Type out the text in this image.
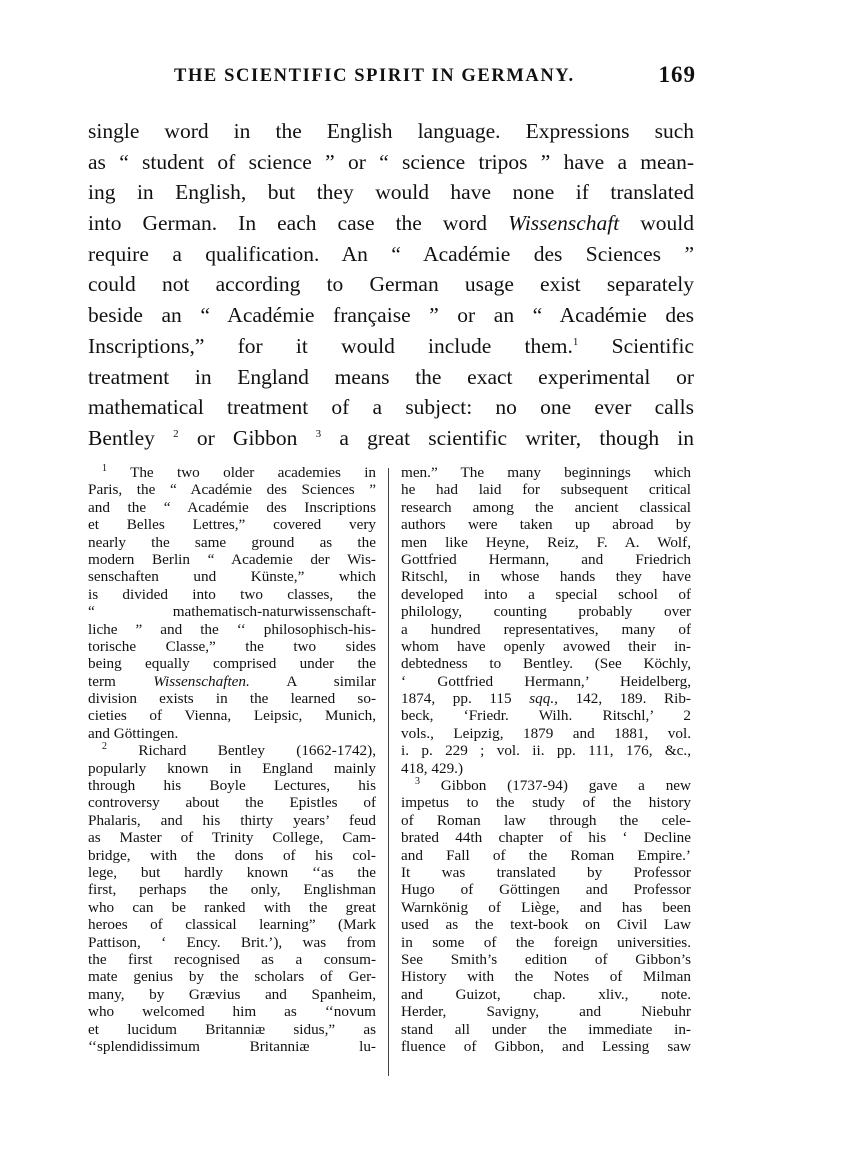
THE SCIENTIFIC SPIRIT IN GERMANY.	169
single word in the English language. Expressions such
as “ student of science ” or “ science tripos ” have a mean-
ing in English, but they would have none if translated
into German. In each case the word Wissenschaft would
require a qualification. An “ Académie des Sciences ”
could not according to German usage exist separately
beside an “ Académie française ” or an “ Académie des
Inscriptions,” for it would include them.$^1$ Scientific
treatment in England means the exact experimental or
mathematical treatment of a subject: no one ever calls
Bentley $^2$ or Gibbon $^3$ a great scientific writer, though in
$^1$ The two older academies in
Paris, the “ Académie des Sciences ”
and the “ Académie des Inscriptions
et Belles Lettres,” covered very
nearly the same ground as the
modern Berlin “ Academie der Wis-
senschaften und Künste,” which
is divided into two classes, the
“ mathematisch-naturwissenschaft-
liche ” and the ‘‘ philosophisch-his-
torische Classe,” the two sides
being equally comprised under the
term Wissenschaften. A similar
division exists in the learned so-
cieties of Vienna, Leipsic, Munich,
and Göttingen.
$^2$ Richard Bentley (1662-1742),
popularly known in England mainly
through his Boyle Lectures, his
controversy about the Epistles of
Phalaris, and his thirty years’ feud
as Master of Trinity College, Cam-
bridge, with the dons of his col-
lege, but hardly known ‘‘as the
first, perhaps the only, Englishman
who can be ranked with the great
heroes of classical learning” (Mark
Pattison, ‘ Ency. Brit.’), was from
the first recognised as a consum-
mate genius by the scholars of Ger-
many, by Grævius and Spanheim,
who welcomed him as ‘‘novum
et lucidum Britanniæ sidus,” as
‘‘splendidissimum Britanniæ lu-
men.” The many beginnings which
he had laid for subsequent critical
research among the ancient classical
authors were taken up abroad by
men like Heyne, Reiz, F. A. Wolf,
Gottfried Hermann, and Friedrich
Ritschl, in whose hands they have
developed into a special school of
philology, counting probably over
a hundred representatives, many of
whom have openly avowed their in-
debtedness to Bentley. (See Köchly,
‘ Gottfried Hermann,’ Heidelberg,
1874, pp. 115 sqq., 142, 189. Rib-
beck, ‘Friedr. Wilh. Ritschl,’ 2
vols., Leipzig, 1879 and 1881, vol.
i. p. 229 ; vol. ii. pp. 111, 176, &c.,
418, 429.)
$^3$ Gibbon (1737-94) gave a new
impetus to the study of the history
of Roman law through the cele-
brated 44th chapter of his ‘ Decline
and Fall of the Roman Empire.’
It was translated by Professor
Hugo of Göttingen and Professor
Warnkönig of Liège, and has been
used as the text-book on Civil Law
in some of the foreign universities.
See Smith’s edition of Gibbon’s
History with the Notes of Milman
and Guizot, chap. xliv., note.
Herder, Savigny, and Niebuhr
stand all under the immediate in-
fluence of Gibbon, and Lessing saw
